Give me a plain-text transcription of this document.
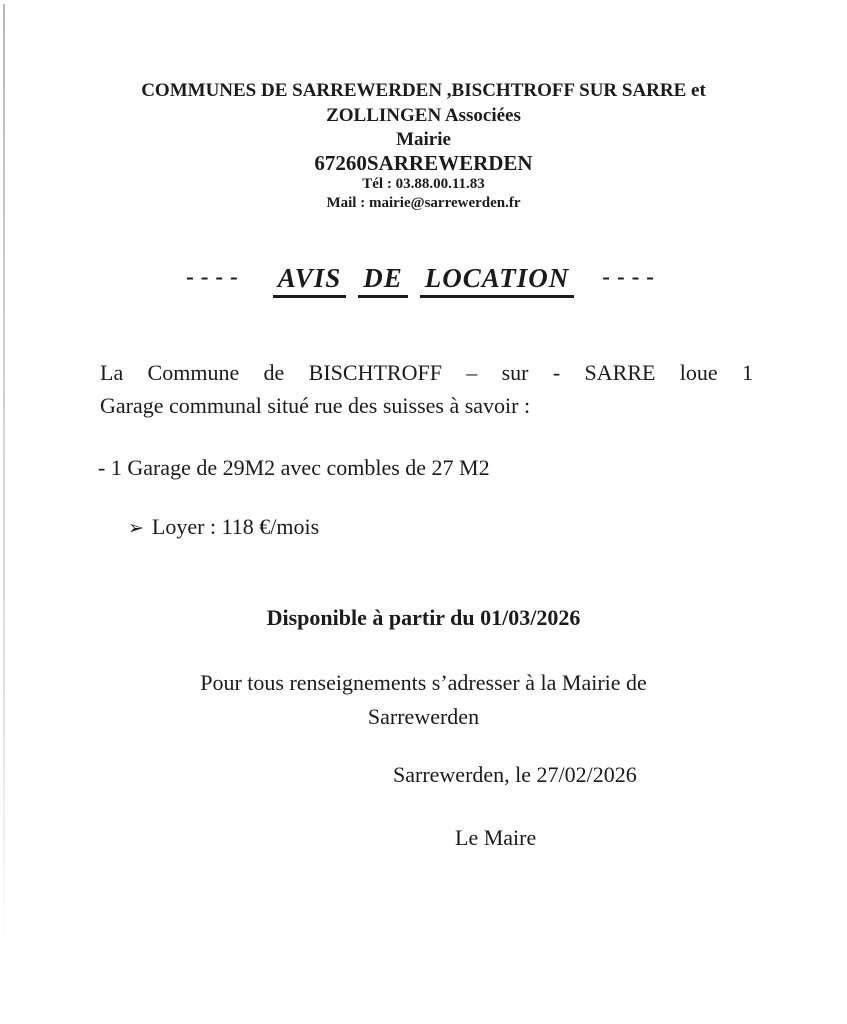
COMMUNES DE SARREWERDEN ,BISCHTROFF SUR SARRE et
ZOLLINGEN Associées
Mairie
67260SARREWERDEN
Tél : 03.88.00.11.83
Mail : mairie@sarrewerden.fr
---- AVIS DE LOCATION ----
La Commune de BISCHTROFF – sur - SARRE loue 1
Garage communal situé rue des suisses à savoir :
- 1 Garage de 29M2 avec combles de 27 M2
➢ Loyer : 118 €/mois
Disponible à partir du 01/03/2026
Pour tous renseignements s’adresser à la Mairie de
Sarrewerden
Sarrewerden, le 27/02/2026
Le Maire
